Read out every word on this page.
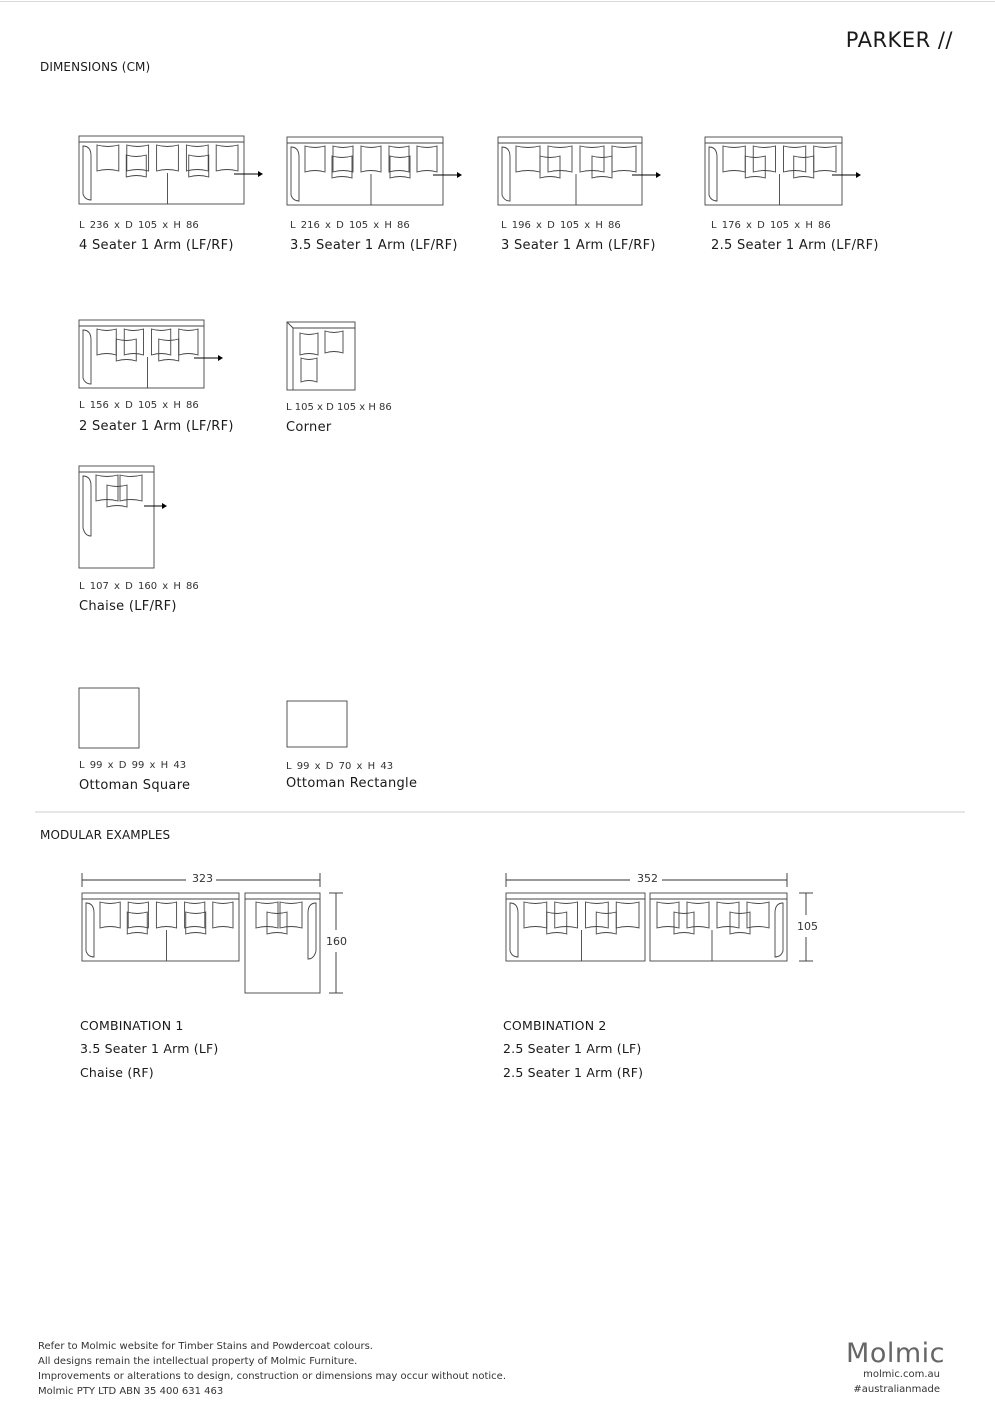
PARKER //
DIMENSIONS (CM)
L 236 x D 105 x H 86
4 Seater 1 Arm (LF/RF)
L 216 x D 105 x H 86
3.5 Seater 1 Arm (LF/RF)
L 196 x D 105 x H 86
3 Seater 1 Arm (LF/RF)
L 176 x D 105 x H 86
2.5 Seater 1 Arm (LF/RF)
L 156 x D 105 x H 86
2 Seater 1 Arm (LF/RF)
L 105 x D 105 x H 86
Corner
L 107 x D 160 x H 86
Chaise (LF/RF)
L 99 x D 99 x H 43
Ottoman Square
L 99 x D 70 x H 43
Ottoman Rectangle
MODULAR EXAMPLES
323
160
352
105
COMBINATION 1
3.5 Seater 1 Arm (LF)
Chaise (RF)
COMBINATION 2
2.5 Seater 1 Arm (LF)
2.5 Seater 1 Arm (RF)
Refer to Molmic website for Timber Stains and Powdercoat colours.
All designs remain the intellectual property of Molmic Furniture.
Improvements or alterations to design, construction or dimensions may occur without notice.
Molmic PTY LTD ABN 35 400 631 463
Molmic
molmic.com.au
#australianmade
